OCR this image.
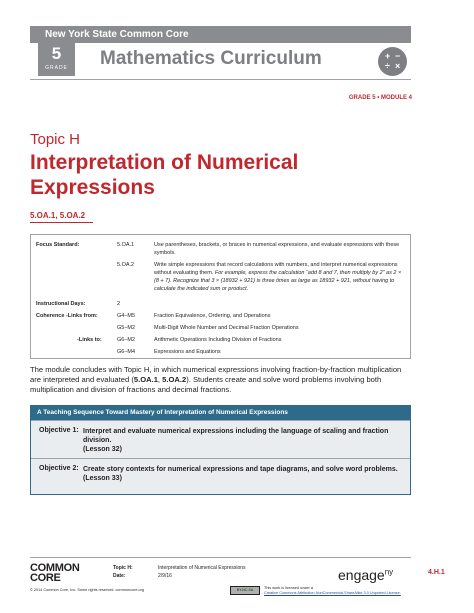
New York State Common Core
5
GRADE	Mathematics Curriculum	+ −
÷ ×
GRADE 5 • MODULE 4
Topic H
Interpretation of Numerical Expressions
5.OA.1, 5.OA.2
Focus Standard:	5.OA.1	Use parentheses, brackets, or braces in numerical expressions, and evaluate expressions with these symbols.
5.OA.2	Write simple expressions that record calculations with numbers, and interpret numerical expressions without evaluating them. For example, express the calculation “add 8 and 7, then multiply by 2” as 2 × (8 + 7). Recognize that 3 × (18932 + 921) is three times as large as 18932 + 921, without having to calculate the indicated sum or product.
Instructional Days:	2
Coherence -Links from:	G4–M5	Fraction Equivalence, Ordering, and Operations
G5–M2	Multi-Digit Whole Number and Decimal Fraction Operations
-Links to:	G6–M2	Arithmetic Operations Including Division of Fractions
G6–M4	Expressions and Equations
The module concludes with Topic H, in which numerical expressions involving fraction-by-fraction multiplication are interpreted and evaluated (5.OA.1, 5.OA.2). Students create and solve word problems involving both multiplication and division of fractions and decimal fractions.
A Teaching Sequence Toward Mastery of Interpretation of Numerical Expressions
Objective 1: Interpret and evaluate numerical expressions including the language of scaling and fraction division.
(Lesson 32)
Objective 2: Create story contexts for numerical expressions and tape diagrams, and solve word problems.
(Lesson 33)
COMMON
CORE
Topic H:	Interpretation of Numerical Expressions
Date:	2/9/16	engage$^{ny}$	4.H.1
© 2014 Common Core, Inc. Some rights reserved. commoncore.org	BY-NC-SA	This work is licensed under a
Creative Commons Attribution-NonCommercial-ShareAlike 3.0 Unported License.
